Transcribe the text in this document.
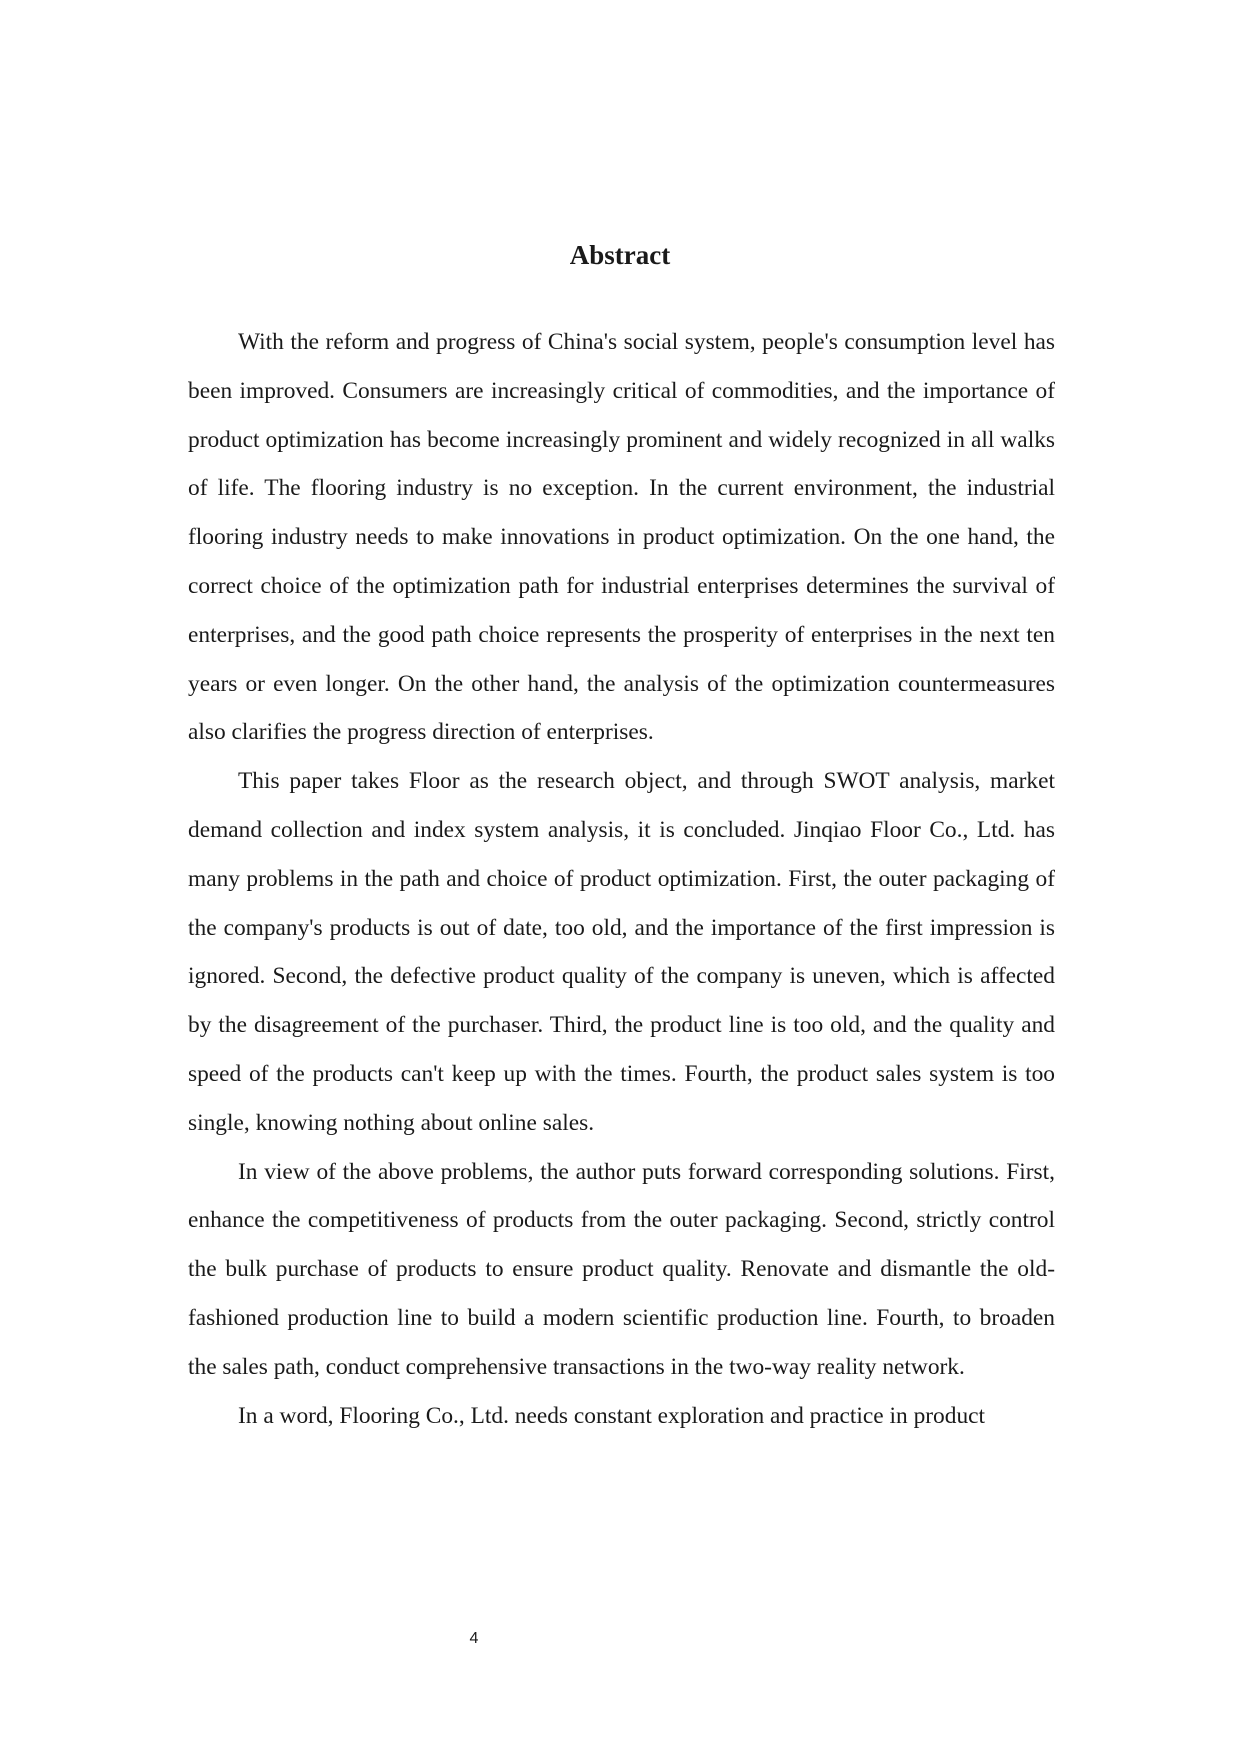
Abstract

With the reform and progress of China's social system, people's consumption level has been improved. Consumers are increasingly critical of commodities, and the importance of product optimization has become increasingly prominent and widely recognized in all walks of life. The flooring industry is no exception. In the current environment, the industrial flooring industry needs to make innovations in product optimization. On the one hand, the correct choice of the optimization path for industrial enterprises determines the survival of enterprises, and the good path choice represents the prosperity of enterprises in the next ten years or even longer. On the other hand, the analysis of the optimization countermeasures also clarifies the progress direction of enterprises.

This paper takes Floor as the research object, and through SWOT analysis, market demand collection and index system analysis, it is concluded. Jinqiao Floor Co., Ltd. has many problems in the path and choice of product optimization. First, the outer packaging of the company's products is out of date, too old, and the importance of the first impression is ignored. Second, the defective product quality of the company is uneven, which is affected by the disagreement of the purchaser. Third, the product line is too old, and the quality and speed of the products can't keep up with the times. Fourth, the product sales system is too single, knowing nothing about online sales.

In view of the above problems, the author puts forward corresponding solutions. First, enhance the competitiveness of products from the outer packaging. Second, strictly control the bulk purchase of products to ensure product quality. Renovate and dismantle the old-fashioned production line to build a modern scientific production line. Fourth, to broaden the sales path, conduct comprehensive transactions in the two-way reality network.

In a word, Flooring Co., Ltd. needs constant exploration and practice in product

4
